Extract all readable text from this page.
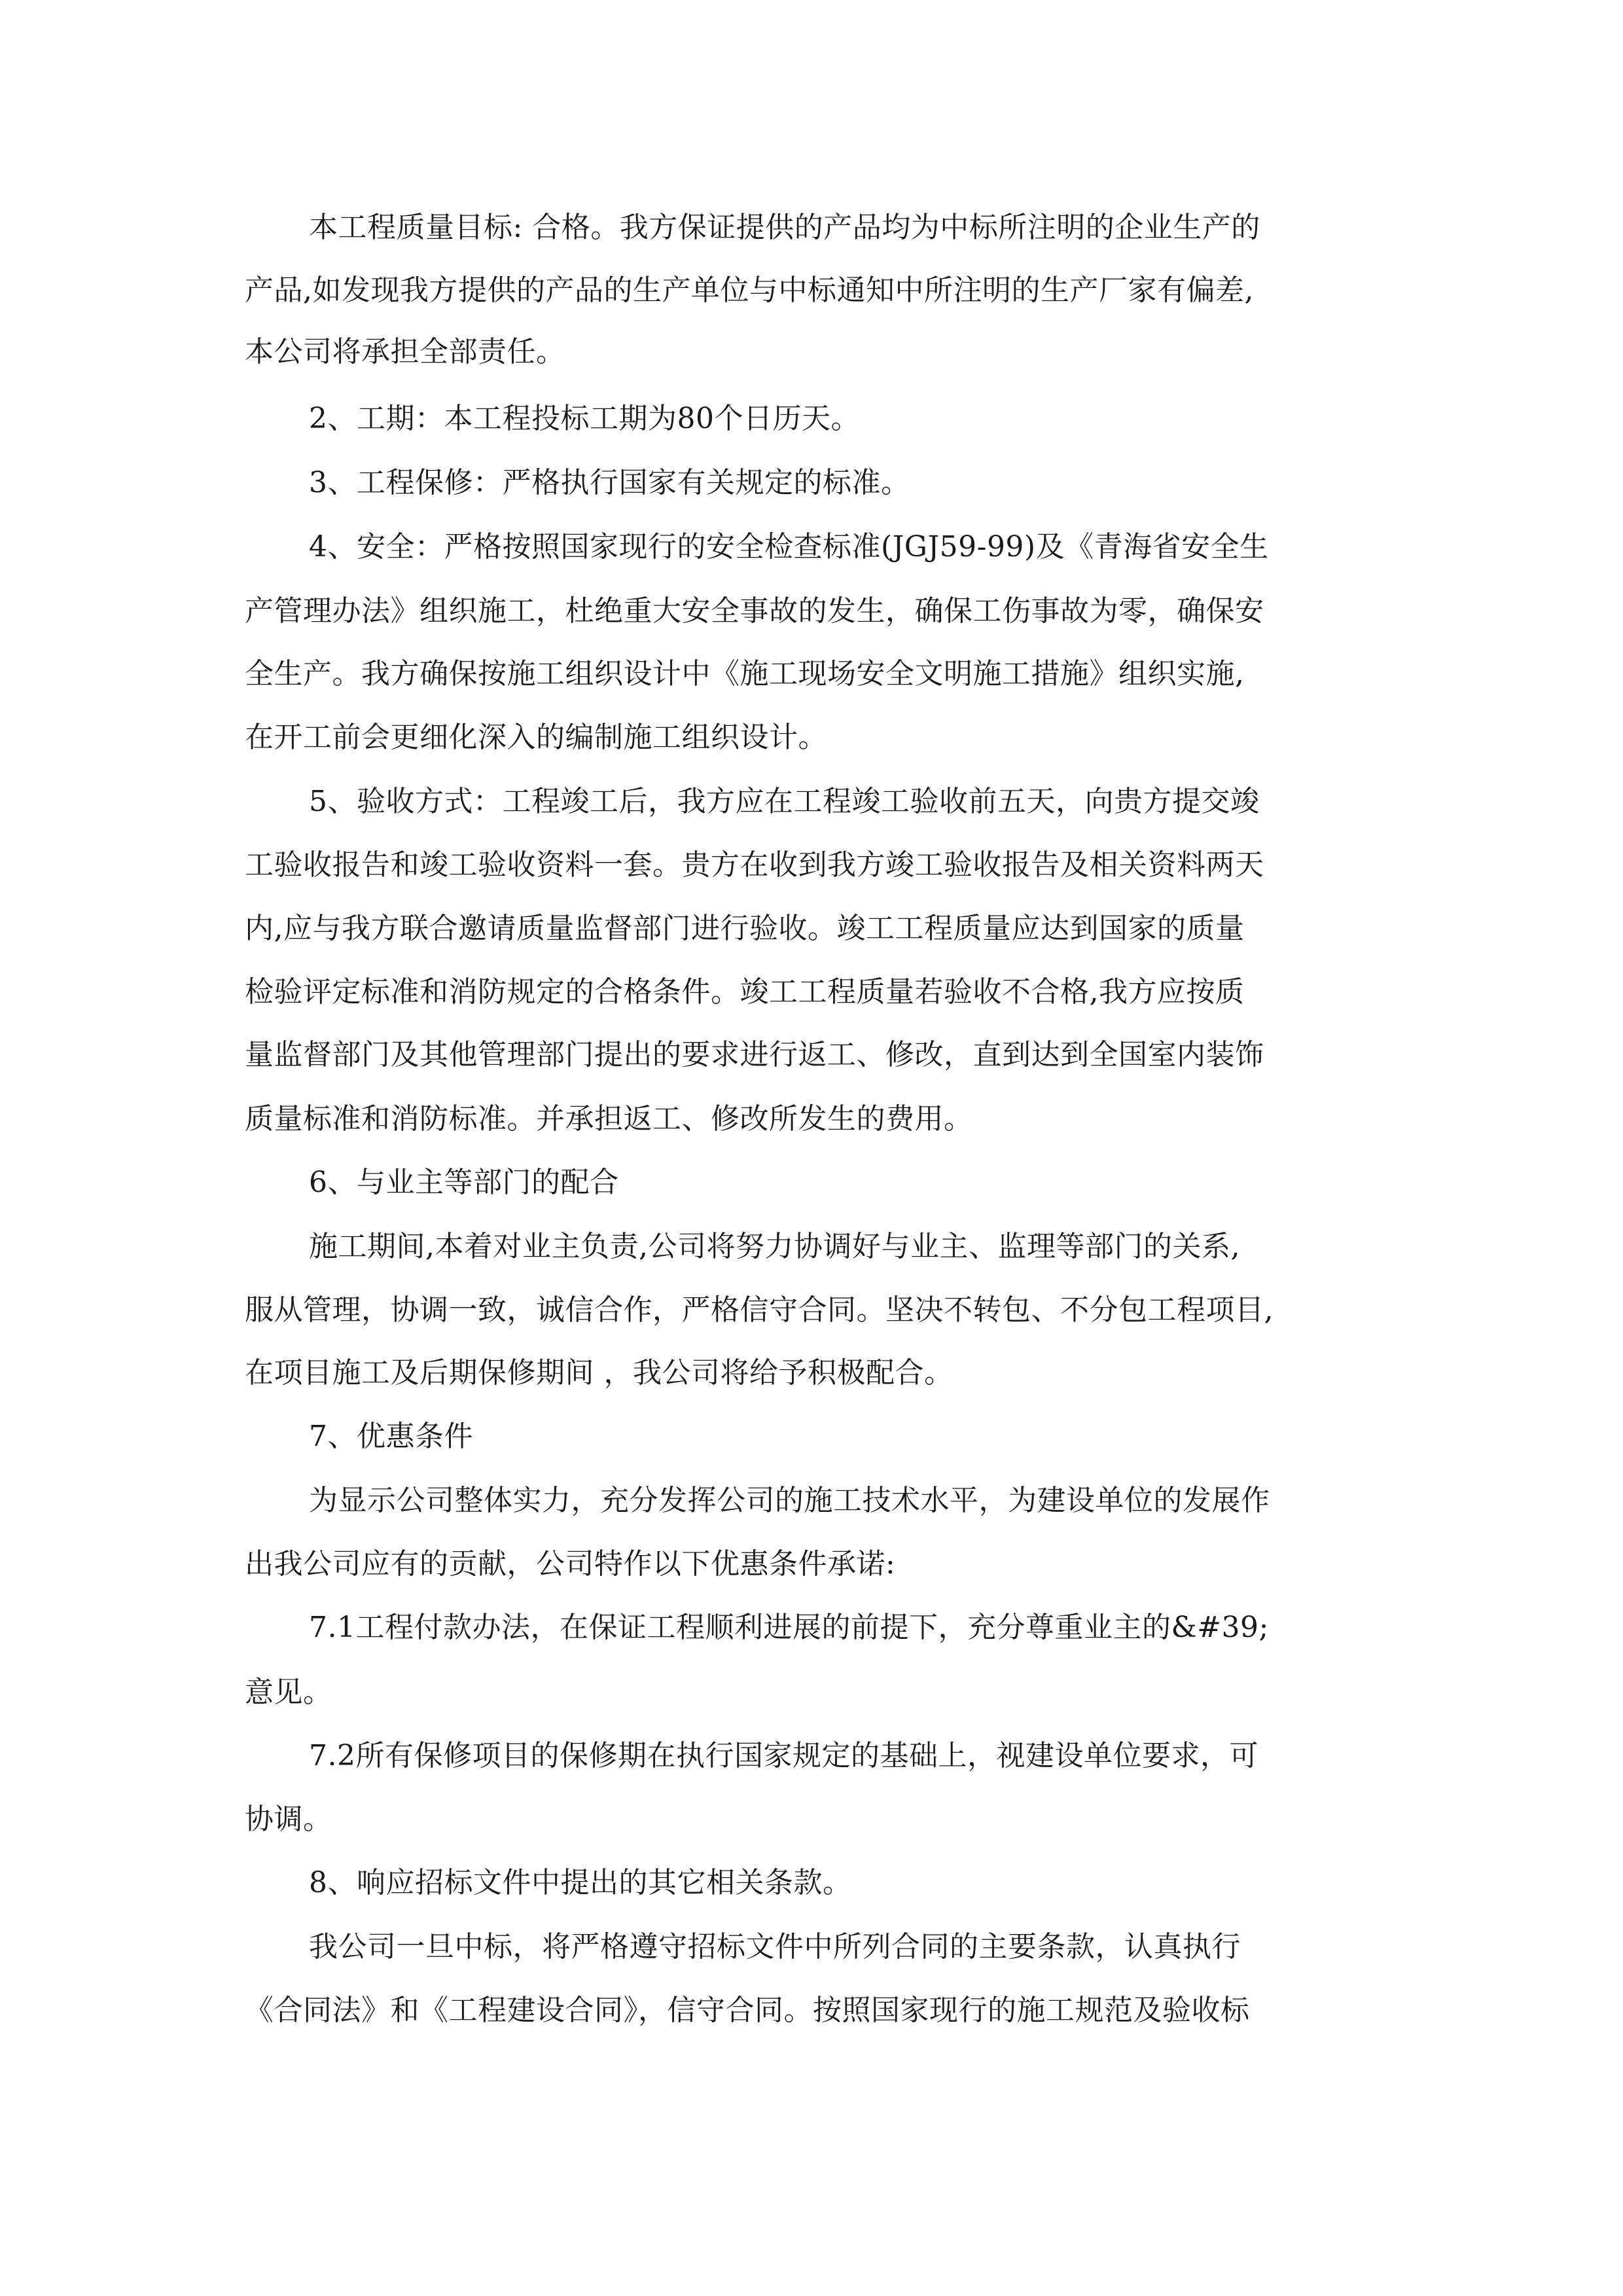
本工程质量目标: 合格。我方保证提供的产品均为中标所注明的企业生产的
产品,如发现我方提供的产品的生产单位与中标通知中所注明的生产厂家有偏差,
本公司将承担全部责任。
2、工期：本工程投标工期为80个日历天。
3、工程保修：严格执行国家有关规定的标准。
4、安全：严格按照国家现行的安全检查标准(JGJ59-99)及《青海省安全生
产管理办法》组织施工，杜绝重大安全事故的发生，确保工伤事故为零，确保安
全生产。我方确保按施工组织设计中《施工现场安全文明施工措施》组织实施,
在开工前会更细化深入的编制施工组织设计。
5、验收方式：工程竣工后，我方应在工程竣工验收前五天，向贵方提交竣
工验收报告和竣工验收资料一套。贵方在收到我方竣工验收报告及相关资料两天
内,应与我方联合邀请质量监督部门进行验收。竣工工程质量应达到国家的质量
检验评定标准和消防规定的合格条件。竣工工程质量若验收不合格,我方应按质
量监督部门及其他管理部门提出的要求进行返工、修改，直到达到全国室内装饰
质量标准和消防标准。并承担返工、修改所发生的费用。
6、与业主等部门的配合
施工期间,本着对业主负责,公司将努力协调好与业主、监理等部门的关系,
服从管理，协调一致，诚信合作，严格信守合同。坚决不转包、不分包工程项目,
在项目施工及后期保修期间 ，我公司将给予积极配合。
7、优惠条件
为显示公司整体实力，充分发挥公司的施工技术水平，为建设单位的发展作
出我公司应有的贡献，公司特作以下优惠条件承诺:
7.1工程付款办法，在保证工程顺利进展的前提下，充分尊重业主的&#39;
意见。
7.2所有保修项目的保修期在执行国家规定的基础上，视建设单位要求，可
协调。
8、响应招标文件中提出的其它相关条款。
我公司一旦中标，将严格遵守招标文件中所列合同的主要条款，认真执行
《合同法》和《工程建设合同》，信守合同。按照国家现行的施工规范及验收标
